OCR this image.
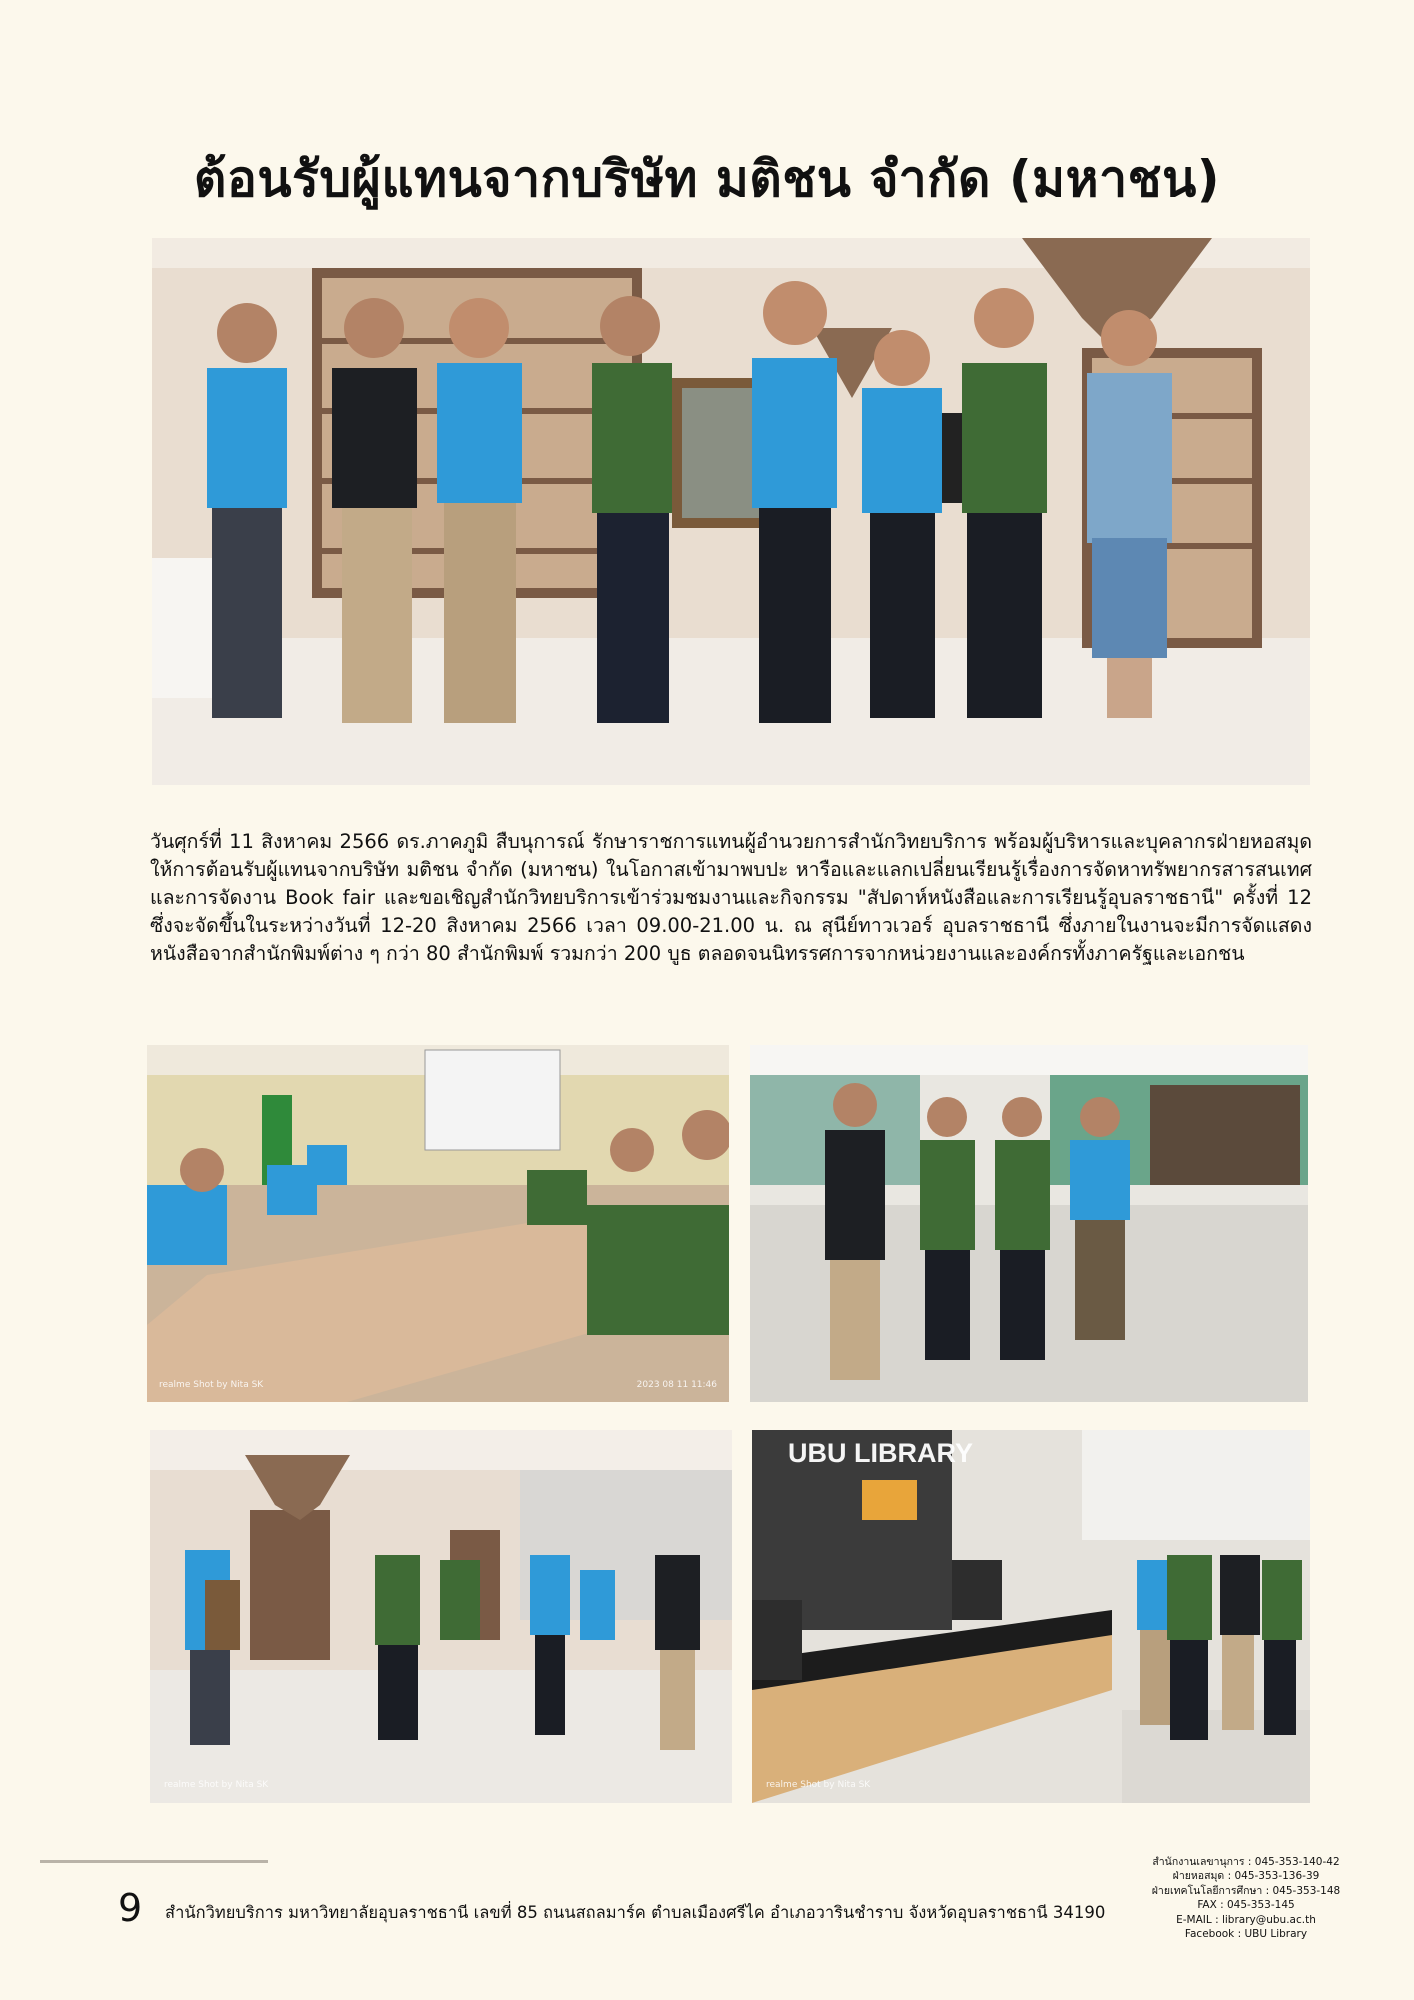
ต้อนรับผู้แทนจากบริษัท มติชน จำกัด (มหาชน)

วันศุกร์ที่ 11 สิงหาคม 2566 ดร.ภาคภูมิ สืบนุการณ์ รักษาราชการแทนผู้อำนวยการสำนักวิทยบริการ พร้อมผู้บริหารและบุคลากรฝ่ายหอสมุด ให้การต้อนรับผู้แทนจากบริษัท มติชน จำกัด (มหาชน) ในโอกาสเข้ามาพบปะ หารือและแลกเปลี่ยนเรียนรู้เรื่องการจัดหาทรัพยากรสารสนเทศและการจัดงาน Book fair และขอเชิญสำนักวิทยบริการเข้าร่วมชมงานและกิจกรรม "สัปดาห์หนังสือและการเรียนรู้อุบลราชธานี" ครั้งที่ 12 ซึ่งจะจัดขึ้นในระหว่างวันที่ 12-20 สิงหาคม 2566 เวลา 09.00-21.00 น. ณ สุนีย์ทาวเวอร์ อุบลราชธานี ซึ่งภายในงานจะมีการจัดแสดงหนังสือจากสำนักพิมพ์ต่าง ๆ กว่า 80 สำนักพิมพ์ รวมกว่า 200 บูธ ตลอดจนนิทรรศการจากหน่วยงานและองค์กรทั้งภาครัฐและเอกชน

realme Shot by Nita SK	2023 08 11 11:46
realme Shot by Nita SK
UBU LIBRARY
realme Shot by Nita SK
9 สำนักวิทยบริการ มหาวิทยาลัยอุบลราชธานี เลขที่ 85 ถนนสถลมาร์ค ตำบลเมืองศรีไค อำเภอวารินชำราบ จังหวัดอุบลราชธานี 34190
สำนักงานเลขานุการ : 045-353-140-42
ฝ่ายหอสมุด : 045-353-136-39
ฝ่ายเทคโนโลยีการศึกษา : 045-353-148
FAX : 045-353-145
E-MAIL : library@ubu.ac.th
Facebook : UBU Library
